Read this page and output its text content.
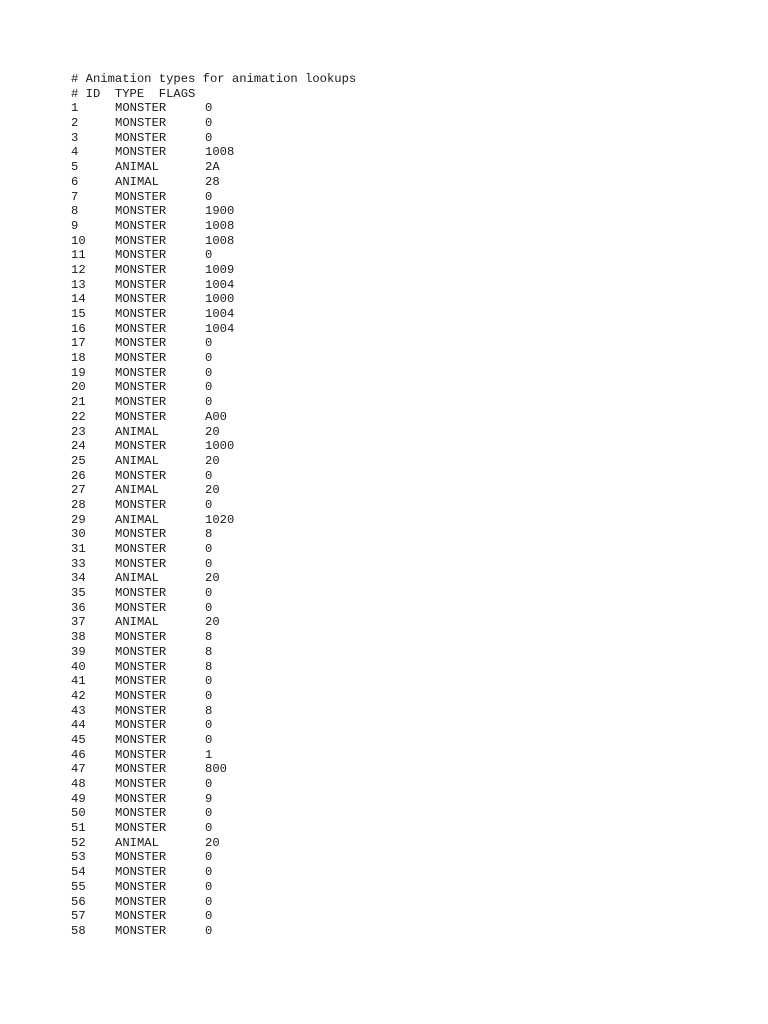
# Animation types for animation lookups
# ID  TYPE  FLAGS
1	MONSTER	0
2	MONSTER	0
3	MONSTER	0
4	MONSTER	1008
5	ANIMAL	2A
6	ANIMAL	28
7	MONSTER	0
8	MONSTER	1900
9	MONSTER	1008
10	MONSTER	1008
11	MONSTER	0
12	MONSTER	1009
13	MONSTER	1004
14	MONSTER	1000
15	MONSTER	1004
16	MONSTER	1004
17	MONSTER	0
18	MONSTER	0
19	MONSTER	0
20	MONSTER	0
21	MONSTER	0
22	MONSTER	A00
23	ANIMAL	20
24	MONSTER	1000
25	ANIMAL	20
26	MONSTER	0
27	ANIMAL	20
28	MONSTER	0
29	ANIMAL	1020
30	MONSTER	8
31	MONSTER	0
33	MONSTER	0
34	ANIMAL	20
35	MONSTER	0
36	MONSTER	0
37	ANIMAL	20
38	MONSTER	8
39	MONSTER	8
40	MONSTER	8
41	MONSTER	0
42	MONSTER	0
43	MONSTER	8
44	MONSTER	0
45	MONSTER	0
46	MONSTER	1
47	MONSTER	800
48	MONSTER	0
49	MONSTER	9
50	MONSTER	0
51	MONSTER	0
52	ANIMAL	20
53	MONSTER	0
54	MONSTER	0
55	MONSTER	0
56	MONSTER	0
57	MONSTER	0
58	MONSTER	0
